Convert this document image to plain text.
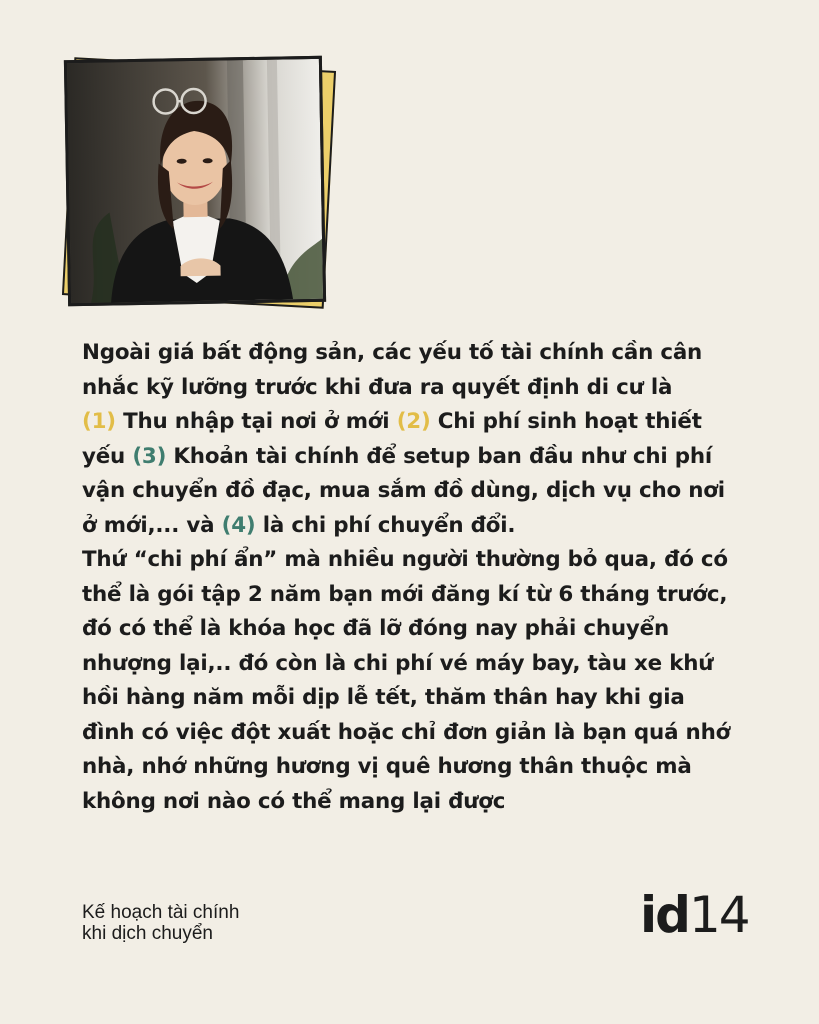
Ngoài giá bất động sản, các yếu tố tài chính cần cân
nhắc kỹ lưỡng trước khi đưa ra quyết định di cư là
(1) Thu nhập tại nơi ở mới (2) Chi phí sinh hoạt thiết
yếu (3) Khoản tài chính để setup ban đầu như chi phí
vận chuyển đồ đạc, mua sắm đồ dùng, dịch vụ cho nơi
ở mới,... và (4) là chi phí chuyển đổi.
Thứ “chi phí ẩn” mà nhiều người thường bỏ qua, đó có
thể là gói tập 2 năm bạn mới đăng kí từ 6 tháng trước,
đó có thể là khóa học đã lỡ đóng nay phải chuyển
nhượng lại,.. đó còn là chi phí vé máy bay, tàu xe khứ
hồi hàng năm mỗi dịp lễ tết, thăm thân hay khi gia
đình có việc đột xuất hoặc chỉ đơn giản là bạn quá nhớ
nhà, nhớ những hương vị quê hương thân thuộc mà
không nơi nào có thể mang lại được

Kế hoạch tài chính
khi dịch chuyển	id14
